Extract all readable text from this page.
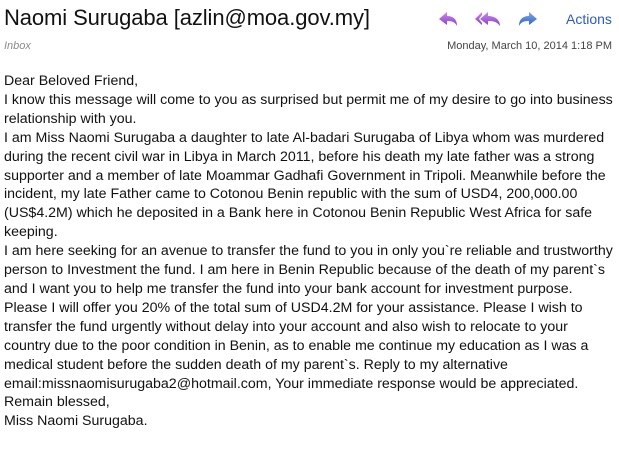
Naomi Surugaba [azlin@moa.gov.my]
Inbox
Actions
Monday, March 10, 2014 1:18 PM

Dear Beloved Friend,

I know this message will come to you as surprised but permit me of my desire to go into business relationship with you.

I am Miss Naomi Surugaba a daughter to late Al-badari Surugaba of Libya whom was murdered during the recent civil war in Libya in March 2011, before his death my late father was a strong supporter and a member of late Moammar Gadhafi Government in Tripoli. Meanwhile before the incident, my late Father came to Cotonou Benin republic with the sum of USD4, 200,000.00 (US$4.2M) which he deposited in a Bank here in Cotonou Benin Republic West Africa for safe keeping.

I am here seeking for an avenue to transfer the fund to you in only you`re reliable and trustworthy person to Investment the fund. I am here in Benin Republic because of the death of my parent`s and I want you to help me transfer the fund into your bank account for investment purpose.

Please I will offer you 20% of the total sum of USD4.2M for your assistance. Please I wish to transfer the fund urgently without delay into your account and also wish to relocate to your country due to the poor condition in Benin, as to enable me continue my education as I was a medical student before the sudden death of my parent`s. Reply to my alternative email:missnaomisurugaba2@hotmail.com, Your immediate response would be appreciated.

Remain blessed,

Miss Naomi Surugaba.
